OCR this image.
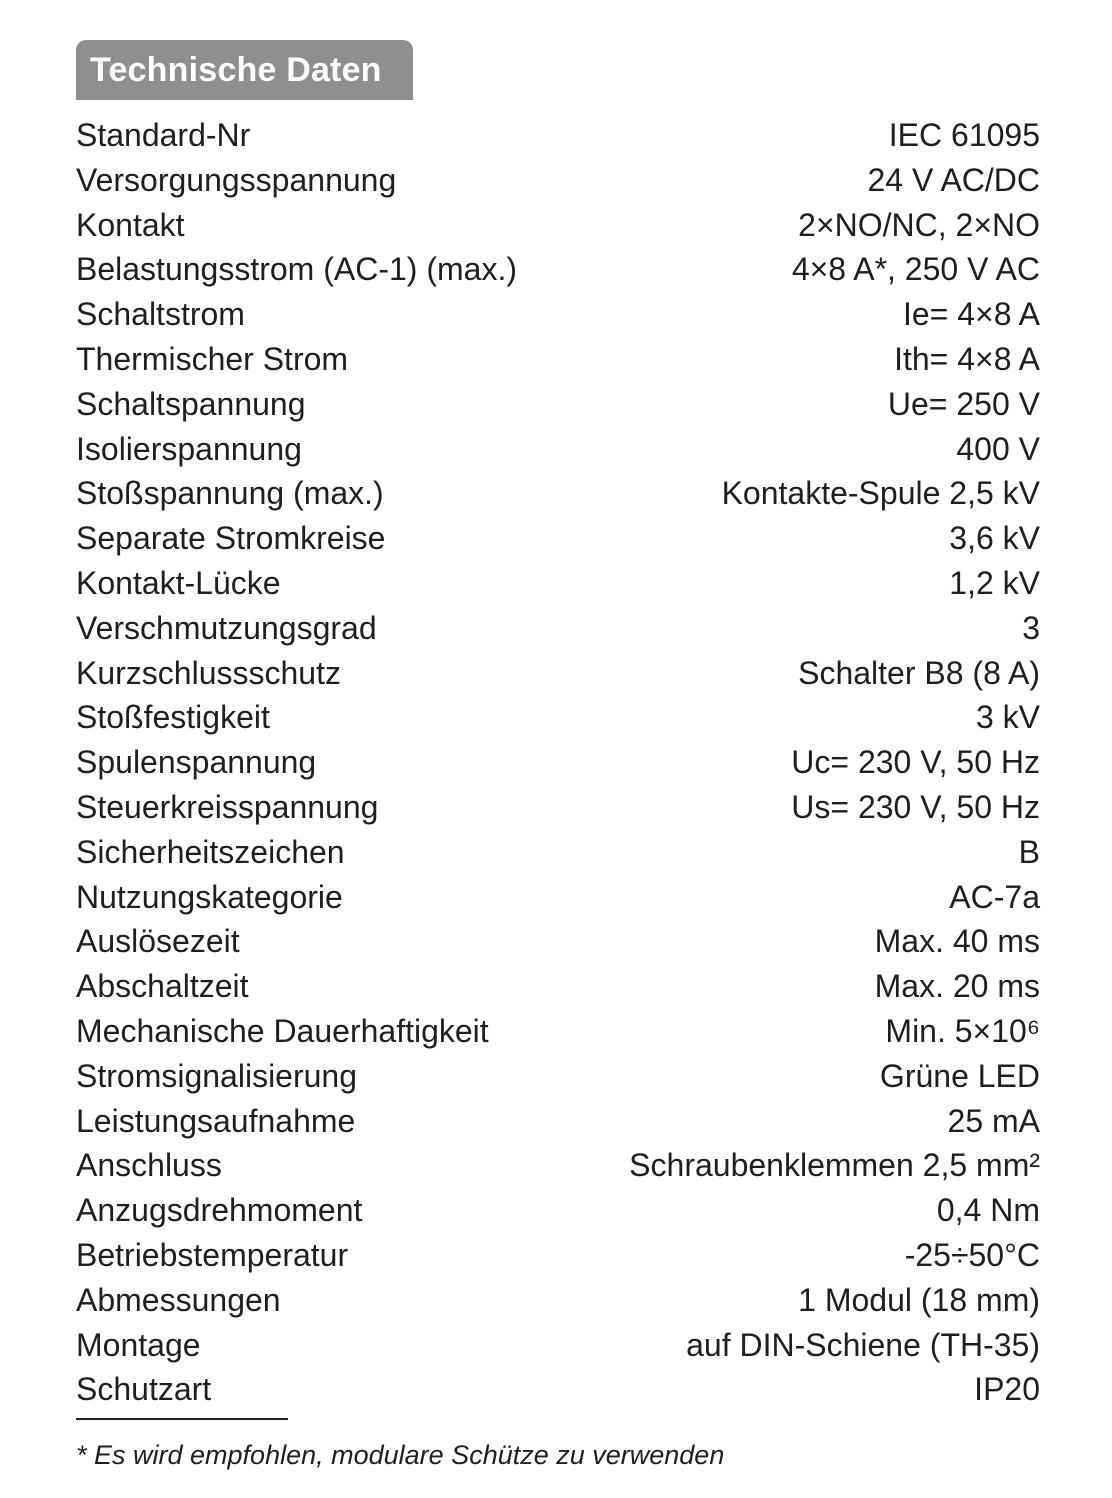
Technische Daten
Standard-Nr	IEC 61095
Versorgungsspannung	24 V AC/DC
Kontakt	2×NO/NC, 2×NO
Belastungsstrom (AC-1) (max.)	4×8 A*, 250 V AC
Schaltstrom	Ie= 4×8 A
Thermischer Strom	Ith= 4×8 A
Schaltspannung	Ue= 250 V
Isolierspannung	400 V
Stoßspannung (max.)	Kontakte-Spule 2,5 kV
Separate Stromkreise	3,6 kV
Kontakt-Lücke	1,2 kV
Verschmutzungsgrad	3
Kurzschlussschutz	Schalter B8 (8 A)
Stoßfestigkeit	3 kV
Spulenspannung	Uc= 230 V, 50 Hz
Steuerkreisspannung	Us= 230 V, 50 Hz
Sicherheitszeichen	B
Nutzungskategorie	AC-7a
Auslösezeit	Max. 40 ms
Abschaltzeit	Max. 20 ms
Mechanische Dauerhaftigkeit	Min. 5×10⁶
Stromsignalisierung	Grüne LED
Leistungsaufnahme	25 mA
Anschluss	Schraubenklemmen 2,5 mm²
Anzugsdrehmoment	0,4 Nm
Betriebstemperatur	-25÷50°C
Abmessungen	1 Modul (18 mm)
Montage	auf DIN-Schiene (TH-35)
Schutzart	IP20
* Es wird empfohlen, modulare Schütze zu verwenden
